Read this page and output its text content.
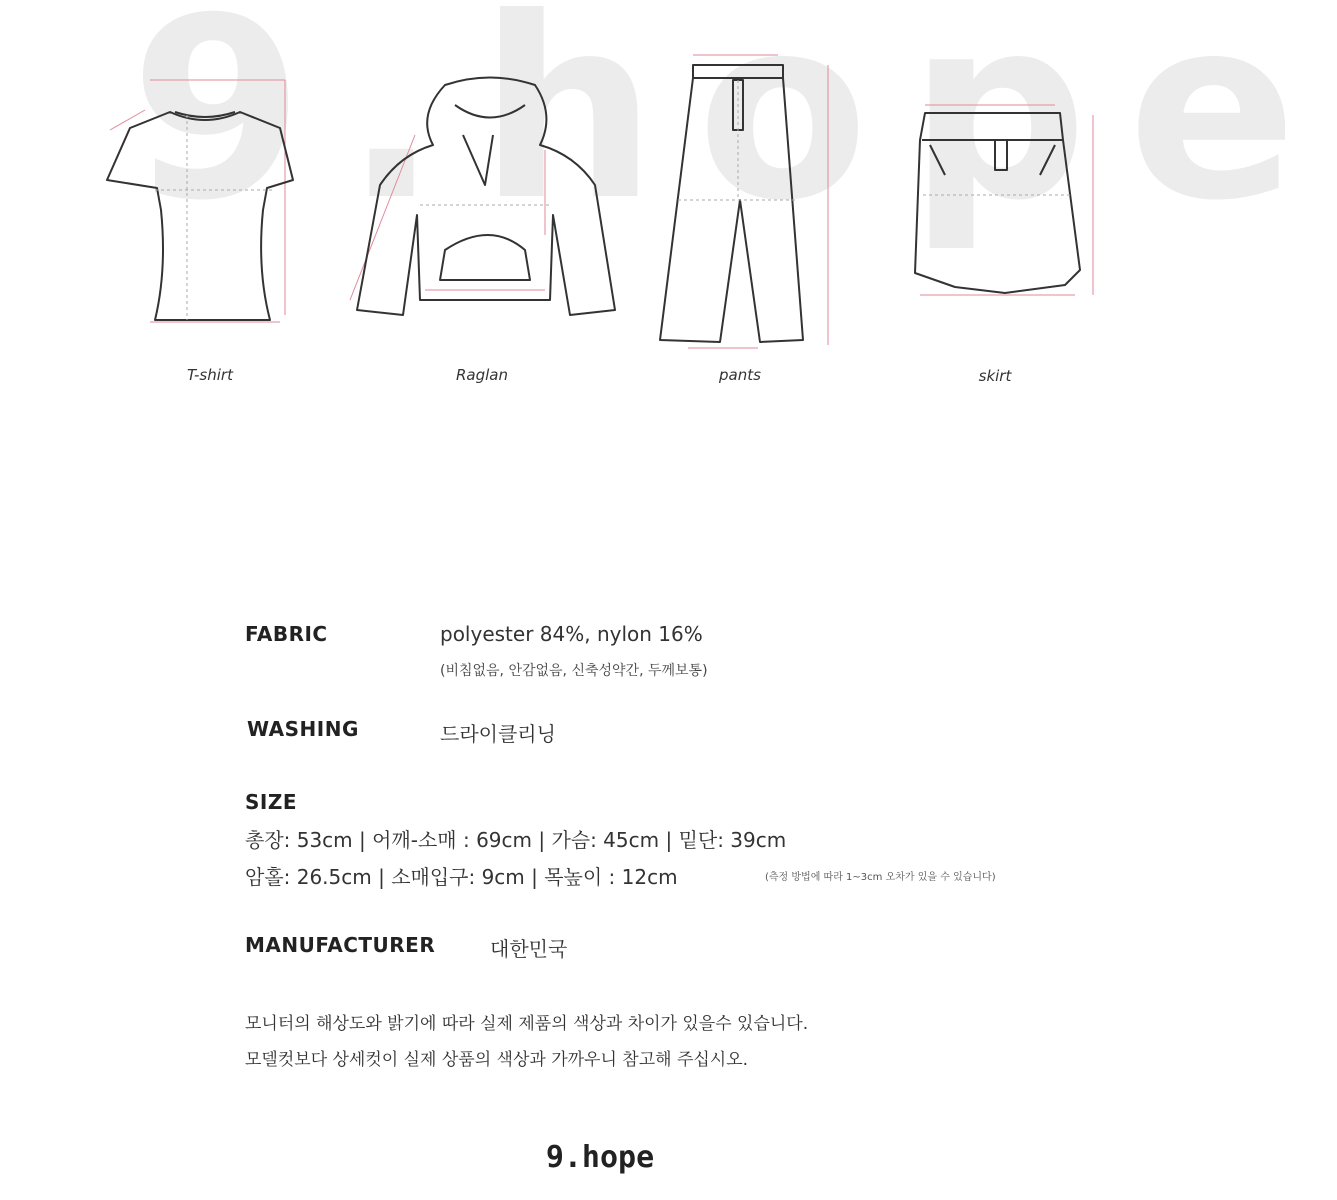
9.hope
T-shirt	Raglan	pants	skirt
FABRIC	polyester 84%, nylon 16%
(비침없음, 안감없음, 신축성약간, 두께보통)
WASHING	드라이클리닝
SIZE
총장: 53cm | 어깨-소매 : 69cm | 가슴: 45cm | 밑단: 39cm
암홀: 26.5cm | 소매입구: 9cm | 목높이 : 12cm	(측정 방법에 따라 1~3cm 오차가 있을 수 있습니다)
MANUFACTURER	대한민국
모니터의 해상도와 밝기에 따라 실제 제품의 색상과 차이가 있을수 있습니다.
모델컷보다 상세컷이 실제 상품의 색상과 가까우니 참고해 주십시오.
9.hope
